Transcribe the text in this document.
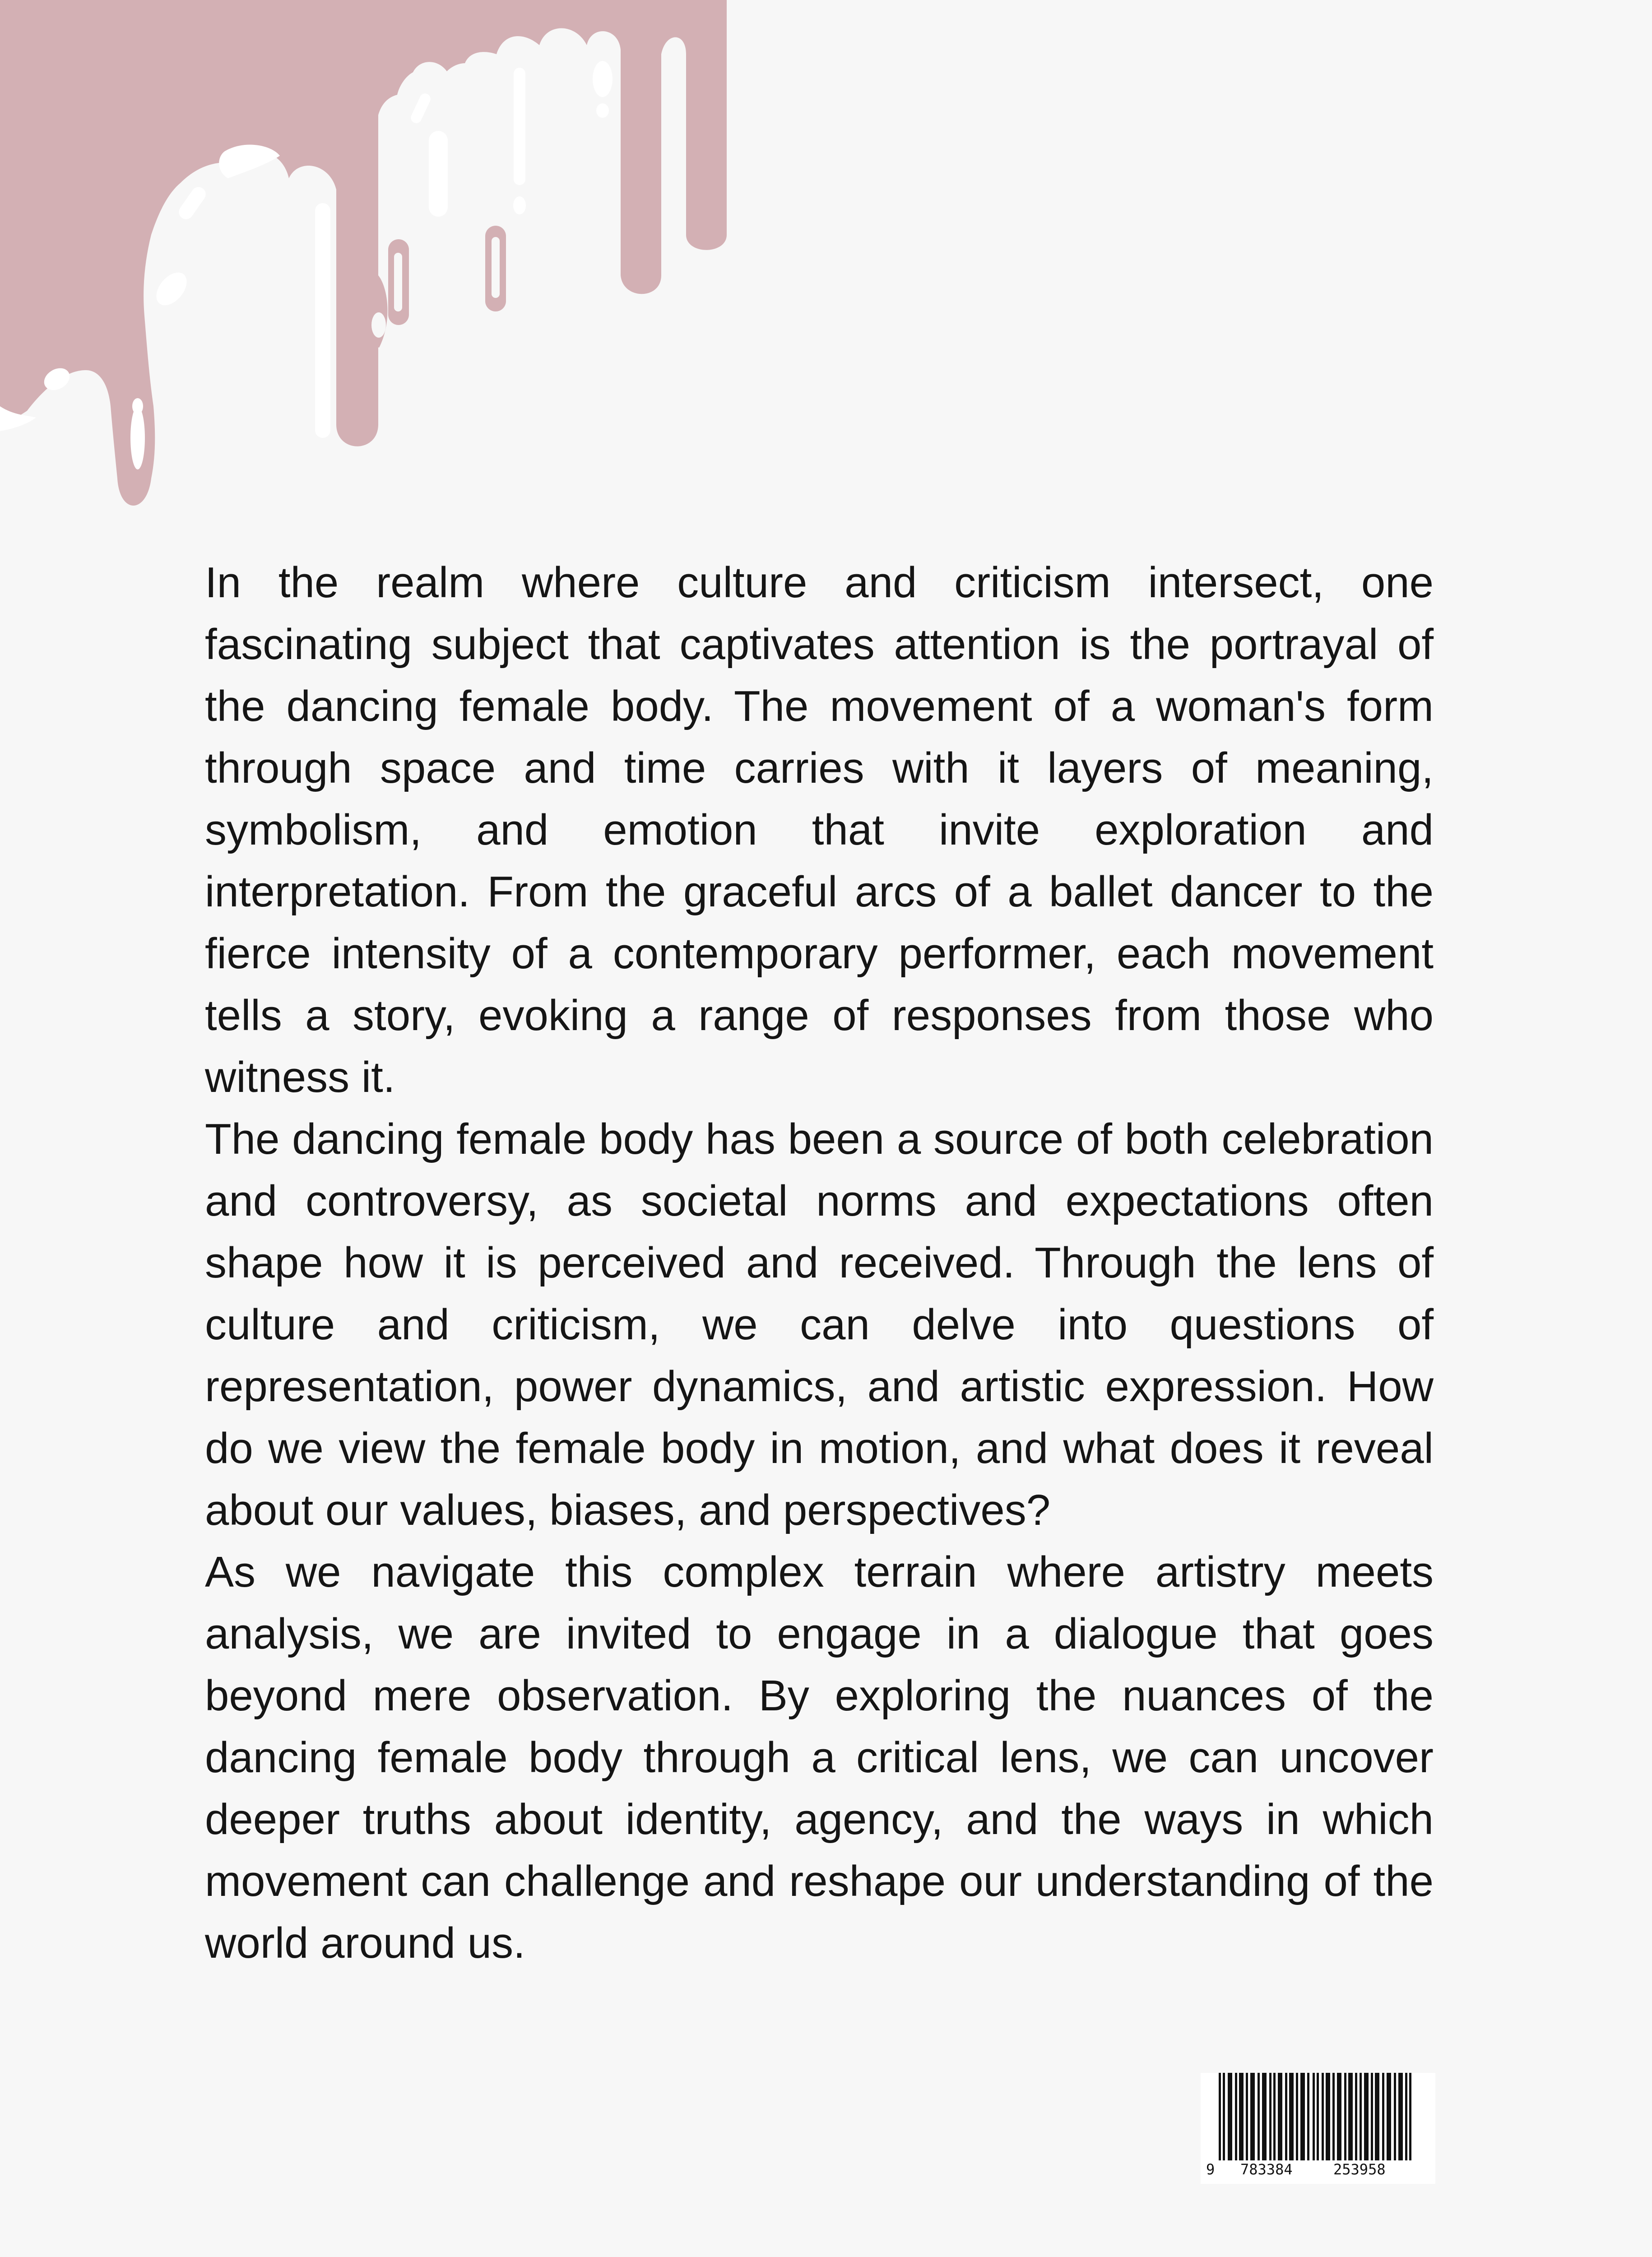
In the realm where culture and criticism intersect, one fascinating subject that captivates attention is the portrayal of the dancing female body. The movement of a woman's form through space and time carries with it layers of meaning, symbolism, and emotion that invite exploration and interpretation. From the graceful arcs of a ballet dancer to the fierce intensity of a contemporary performer, each movement tells a story, evoking a range of responses from those who witness it.

The dancing female body has been a source of both celebration and controversy, as societal norms and expectations often shape how it is perceived and received. Through the lens of culture and criticism, we can delve into questions of representation, power dynamics, and artistic expression. How do we view the female body in motion, and what does it reveal about our values, biases, and perspectives?

As we navigate this complex terrain where artistry meets analysis, we are invited to engage in a dialogue that goes beyond mere observation. By exploring the nuances of the dancing female body through a critical lens, we can uncover deeper truths about identity, agency, and the ways in which movement can challenge and reshape our understanding of the world around us.

9 783384	253958
